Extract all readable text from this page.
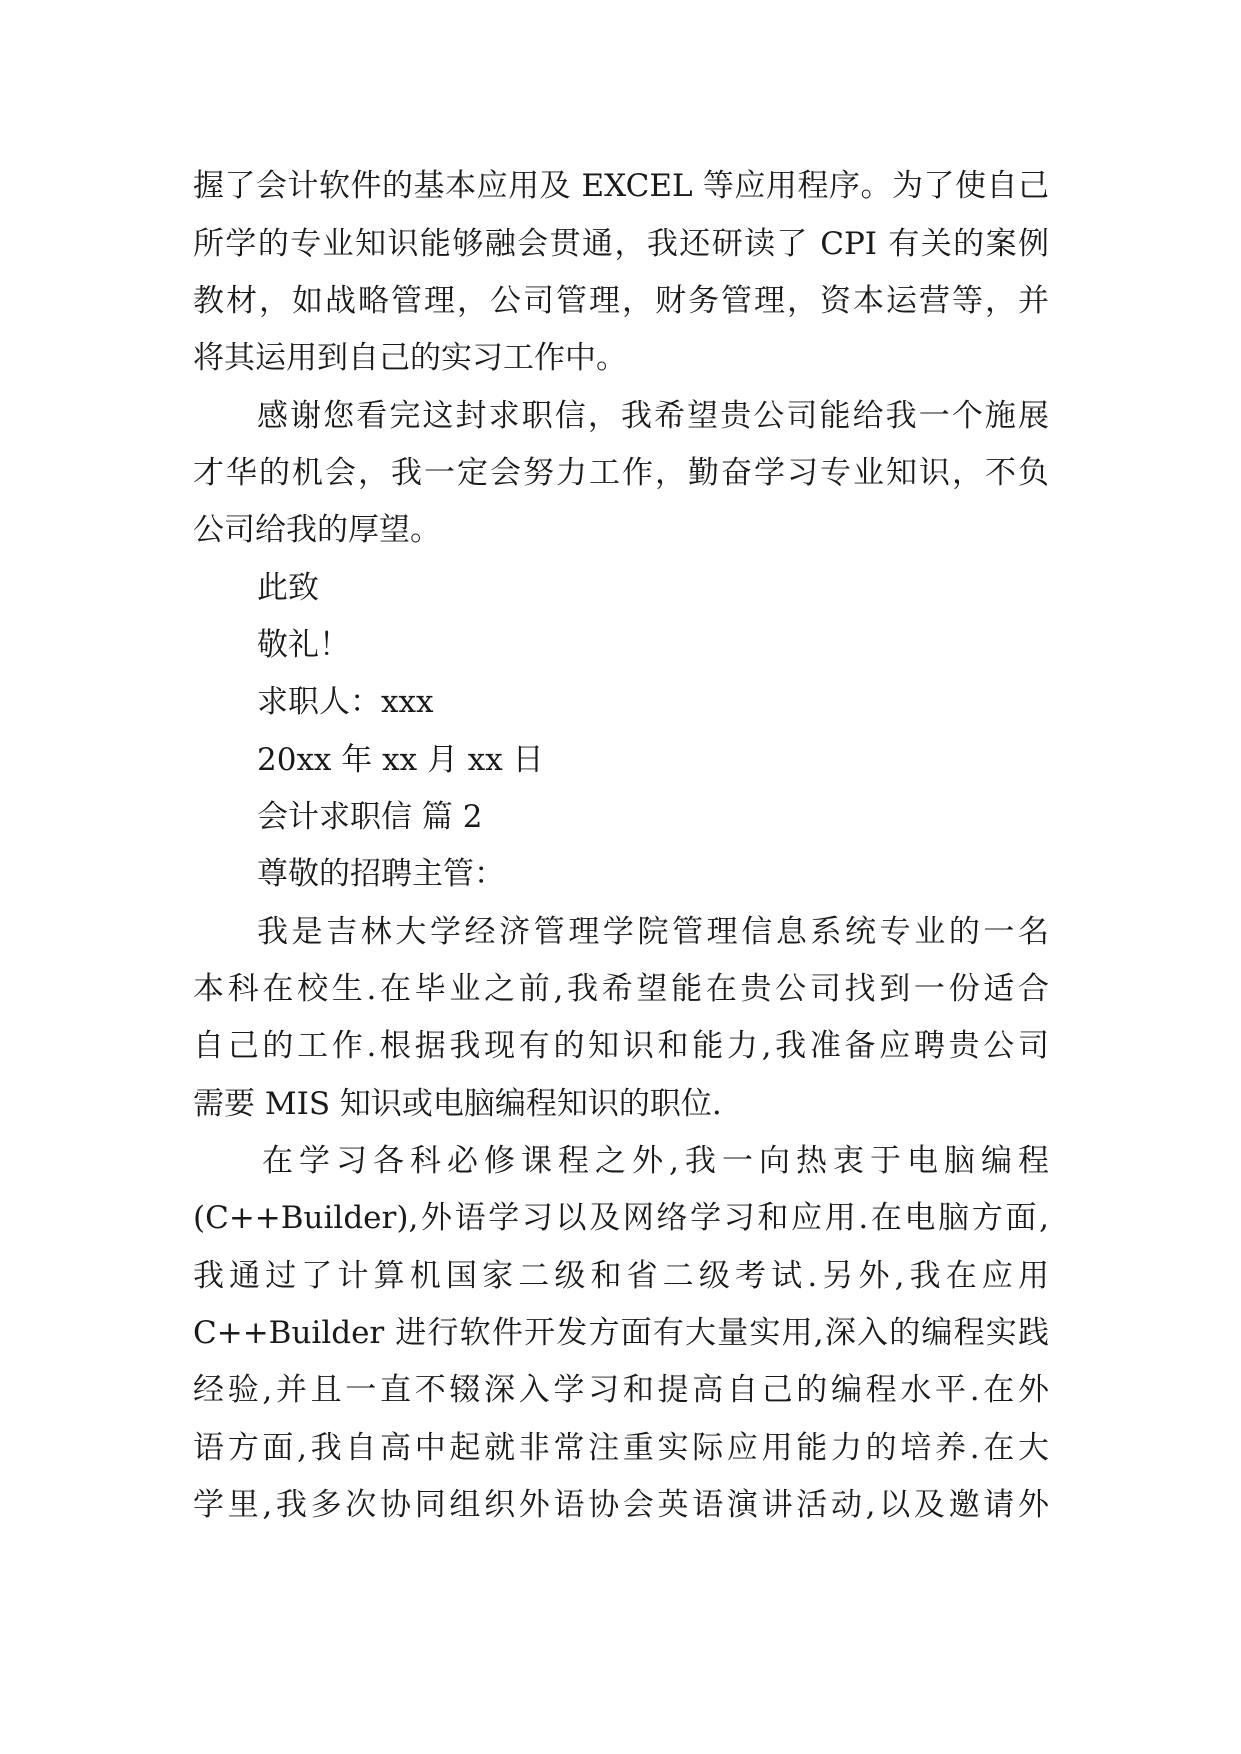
握了会计软件的基本应用及 EXCEL 等应用程序。为了使自己
所学的专业知识能够融会贯通，我还研读了 CPI 有关的案例
教材，如战略管理，公司管理，财务管理，资本运营等，并
将其运用到自己的实习工作中。
感谢您看完这封求职信，我希望贵公司能给我一个施展
才华的机会，我一定会努力工作，勤奋学习专业知识，不负
公司给我的厚望。
此致
敬礼！
求职人：xxx
20xx 年 xx 月 xx 日
会计求职信 篇 2
尊敬的招聘主管：
我是吉林大学经济管理学院管理信息系统专业的一名
本科在校生.在毕业之前,我希望能在贵公司找到一份适合
自己的工作.根据我现有的知识和能力,我准备应聘贵公司
需要 MIS 知识或电脑编程知识的职位.
在学习各科必修课程之外,我一向热衷于电脑编程
(C++Builder),外语学习以及网络学习和应用.在电脑方面,
我通过了计算机国家二级和省二级考试.另外,我在应用
C++Builder 进行软件开发方面有大量实用,深入的编程实践
经验,并且一直不辍深入学习和提高自己的编程水平.在外
语方面,我自高中起就非常注重实际应用能力的培养.在大
学里,我多次协同组织外语协会英语演讲活动,以及邀请外
